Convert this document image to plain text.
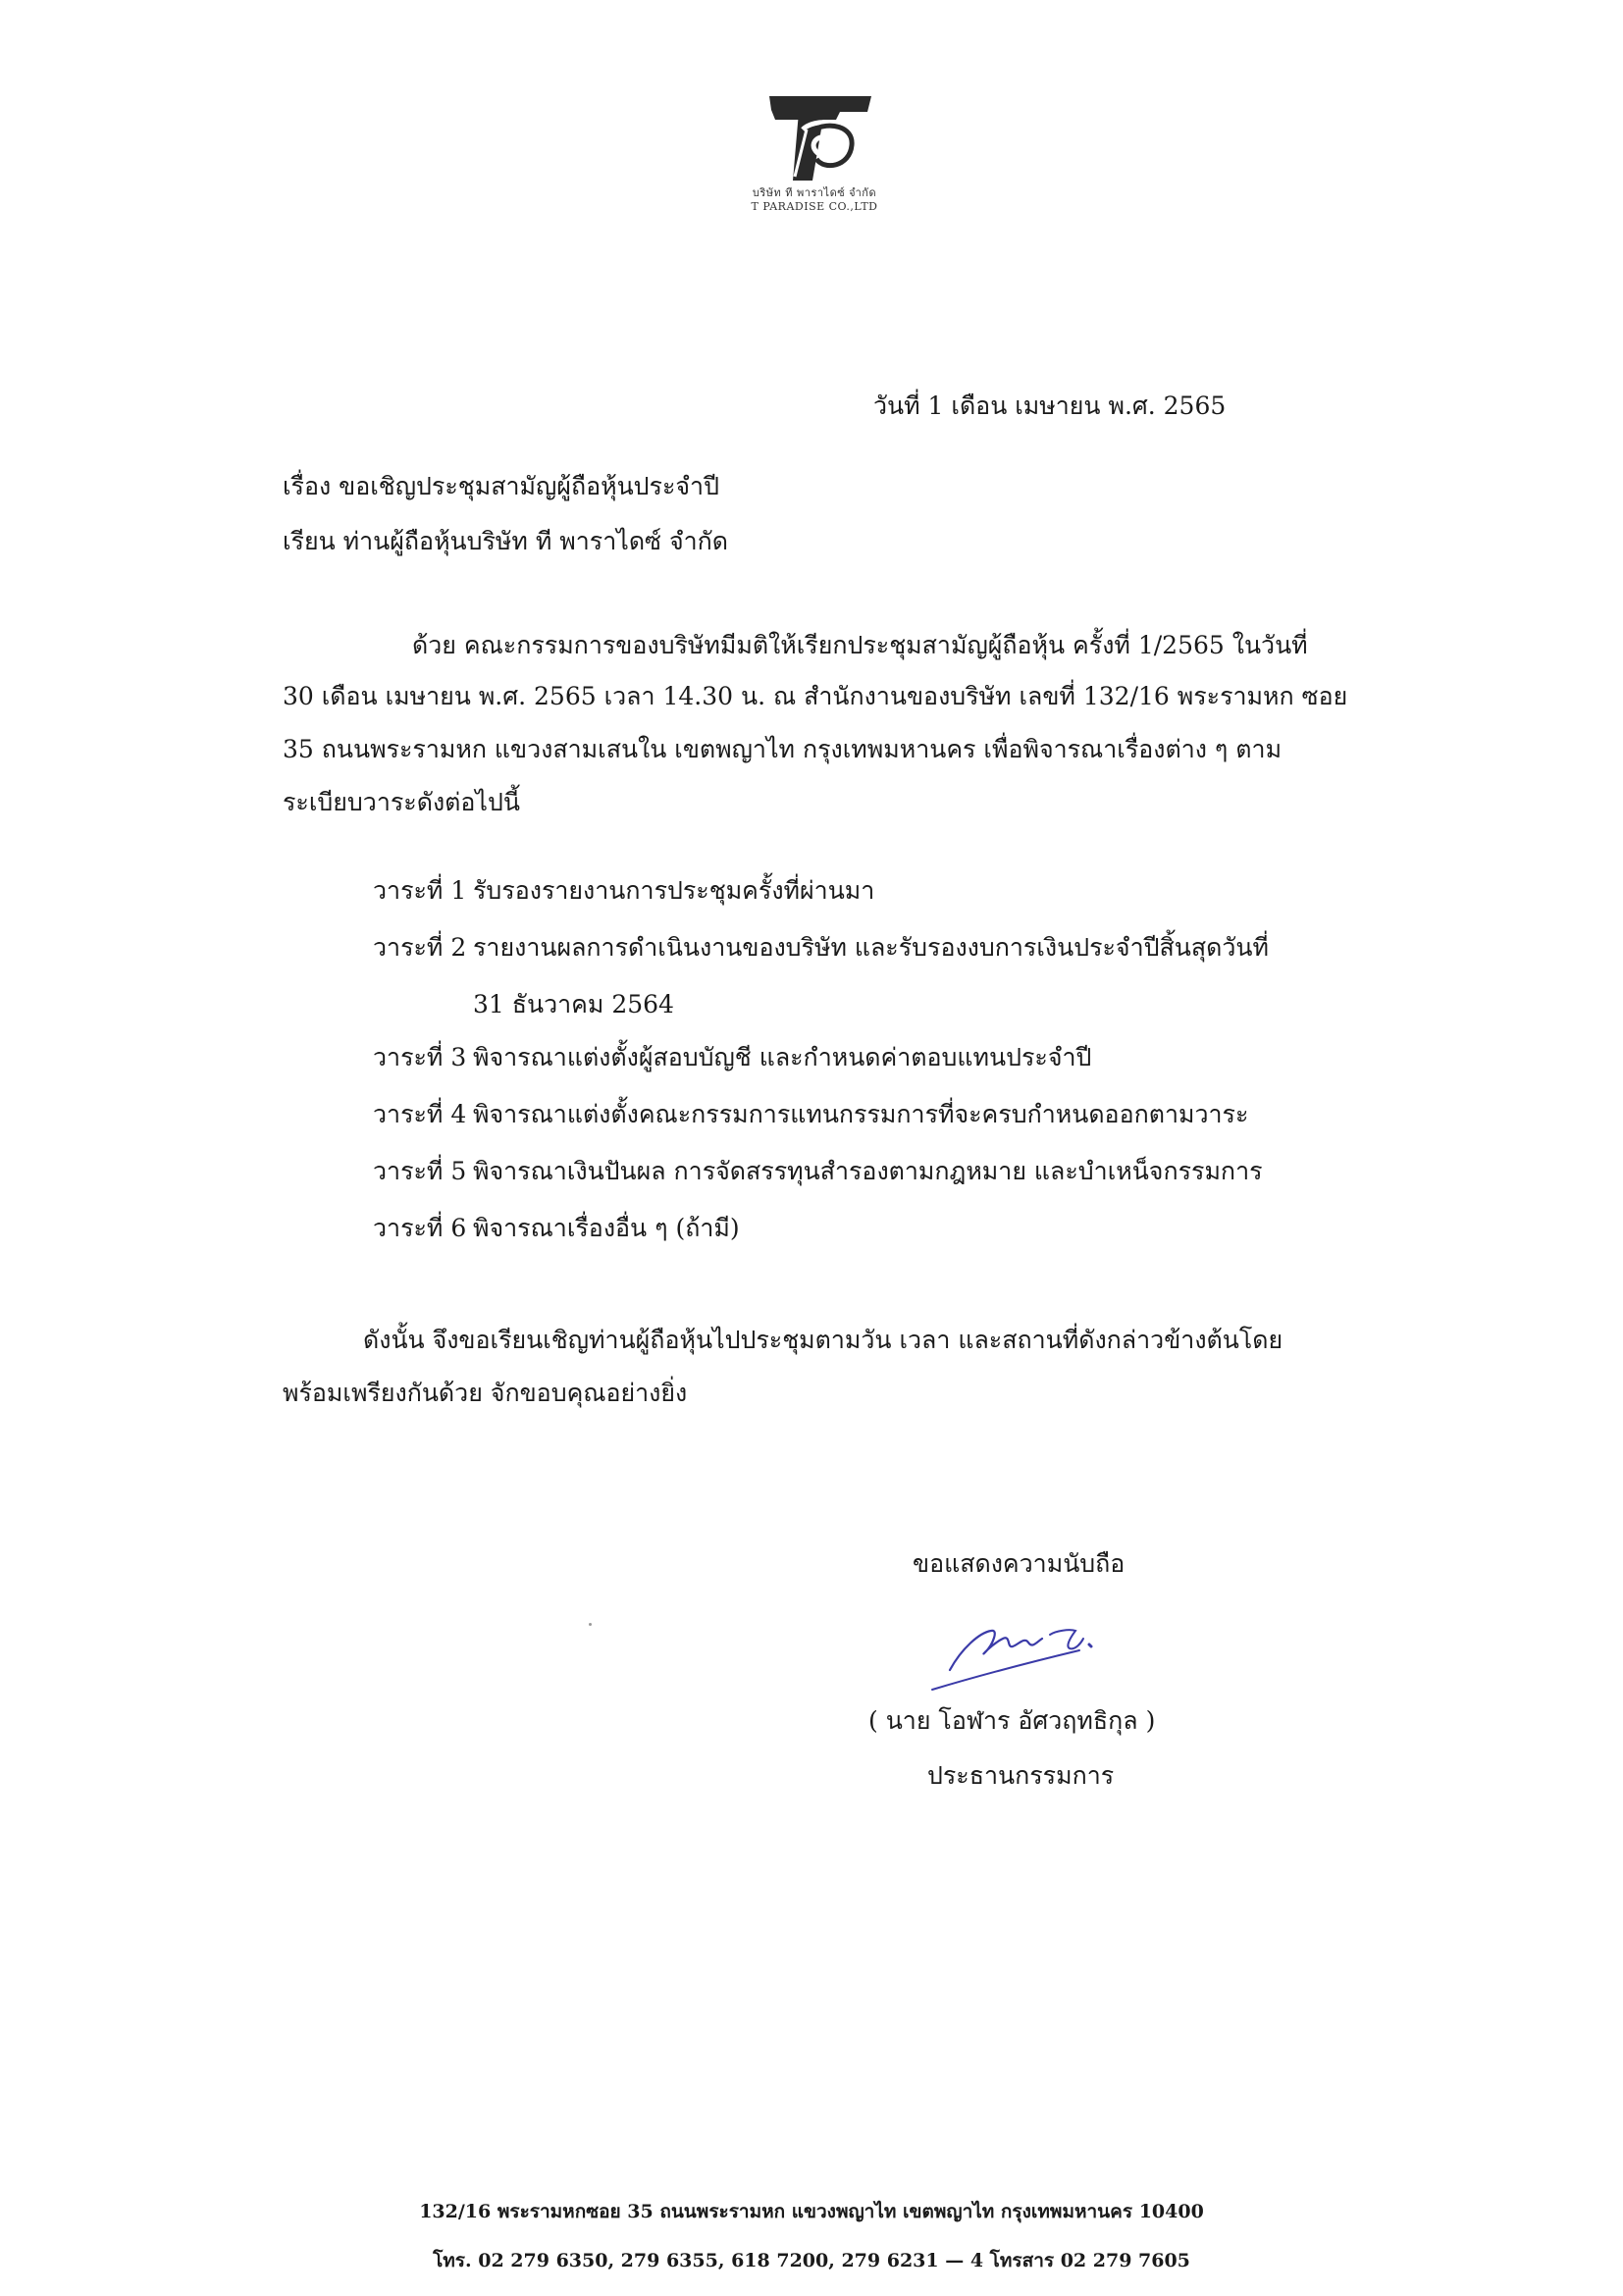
บริษัท ที พาราไดซ์ จำกัด
T PARADISE CO.,LTD
วันที่ 1 เดือน เมษายน พ.ศ. 2565
เรื่อง ขอเชิญประชุมสามัญผู้ถือหุ้นประจำปี
เรียน ท่านผู้ถือหุ้นบริษัท ที พาราไดซ์ จำกัด
ด้วย คณะกรรมการของบริษัทมีมติให้เรียกประชุมสามัญผู้ถือหุ้น ครั้งที่ 1/2565 ในวันที่
30 เดือน เมษายน พ.ศ. 2565 เวลา 14.30 น. ณ สำนักงานของบริษัท เลขที่ 132/16 พระรามหก ซอย
35 ถนนพระรามหก แขวงสามเสนใน เขตพญาไท กรุงเทพมหานคร เพื่อพิจารณาเรื่องต่าง ๆ ตาม
ระเบียบวาระดังต่อไปนี้
วาระที่ 1 รับรองรายงานการประชุมครั้งที่ผ่านมา
วาระที่ 2 รายงานผลการดำเนินงานของบริษัท และรับรองงบการเงินประจำปีสิ้นสุดวันที่
31 ธันวาคม 2564
วาระที่ 3 พิจารณาแต่งตั้งผู้สอบบัญชี และกำหนดค่าตอบแทนประจำปี
วาระที่ 4 พิจารณาแต่งตั้งคณะกรรมการแทนกรรมการที่จะครบกำหนดออกตามวาระ
วาระที่ 5 พิจารณาเงินปันผล การจัดสรรทุนสำรองตามกฎหมาย และบำเหน็จกรรมการ
วาระที่ 6 พิจารณาเรื่องอื่น ๆ (ถ้ามี)
ดังนั้น จึงขอเรียนเชิญท่านผู้ถือหุ้นไปประชุมตามวัน เวลา และสถานที่ดังกล่าวข้างต้นโดย
พร้อมเพรียงกันด้วย จักขอบคุณอย่างยิ่ง
ขอแสดงความนับถือ
( นาย โอฬาร อัศวฤทธิกุล )
ประธานกรรมการ
132/16 พระรามหกซอย 35 ถนนพระรามหก แขวงพญาไท เขตพญาไท กรุงเทพมหานคร 10400
โทร. 02 279 6350, 279 6355, 618 7200, 279 6231 — 4 โทรสาร 02 279 7605
